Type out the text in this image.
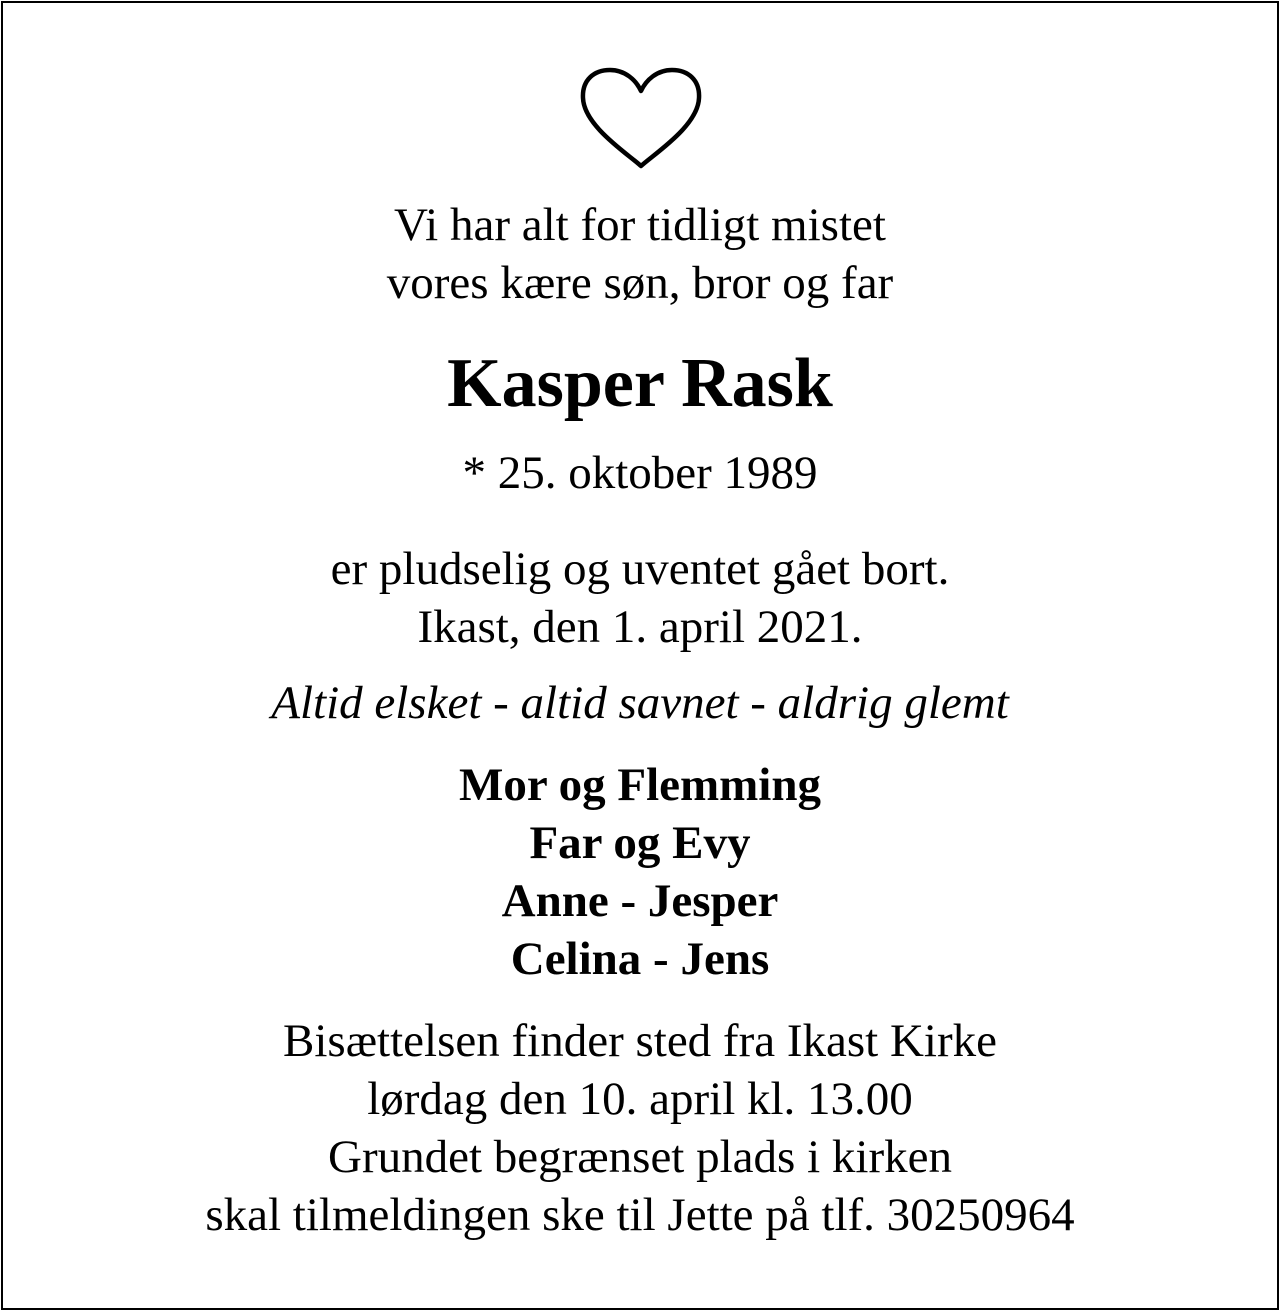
Vi har alt for tidligt mistet
vores kære søn, bror og far
Kasper Rask
* 25. oktober 1989
er pludselig og uventet gået bort.
Ikast, den 1. april 2021.
Altid elsket - altid savnet - aldrig glemt
Mor og Flemming
Far og Evy
Anne - Jesper
Celina - Jens
Bisættelsen finder sted fra Ikast Kirke
lørdag den 10. april kl. 13.00
Grundet begrænset plads i kirken
skal tilmeldingen ske til Jette på tlf. 30250964
